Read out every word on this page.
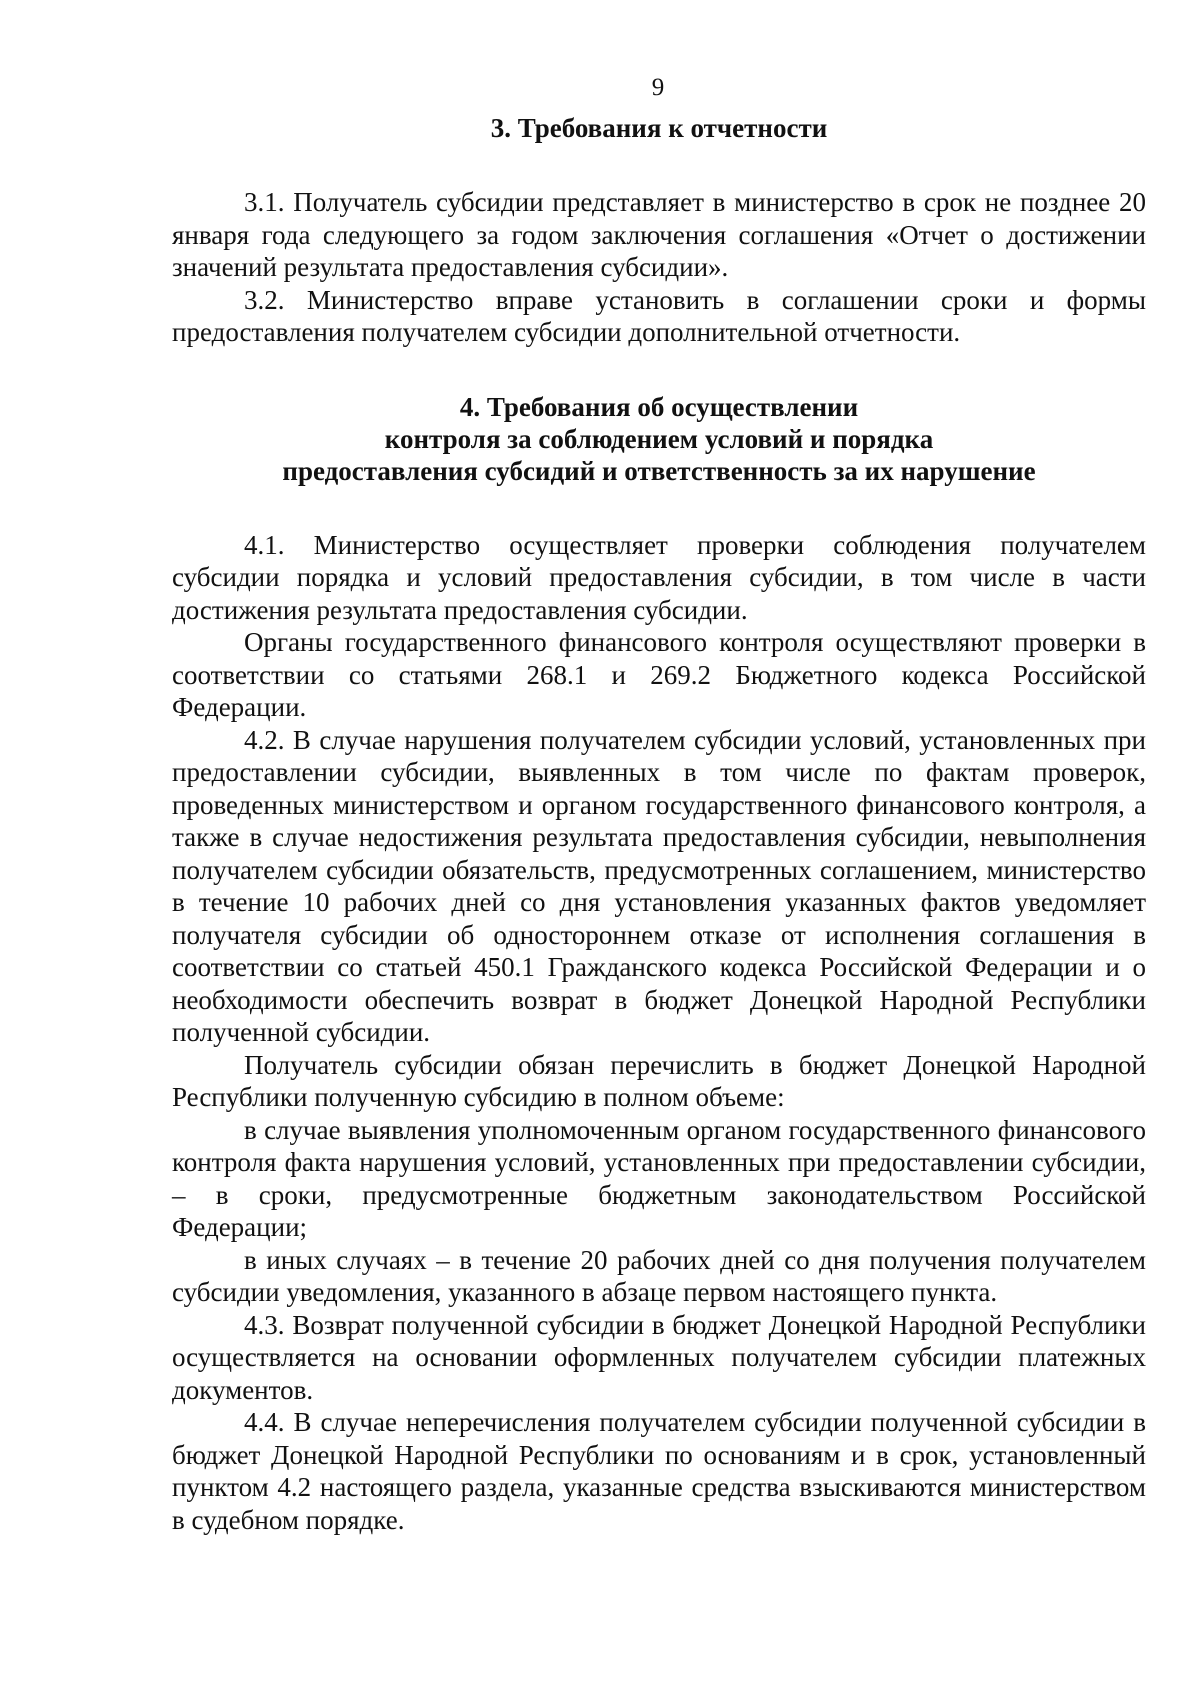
9
3. Требования к отчетности

3.1. Получатель субсидии представляет в министерство в срок не позднее 20 января года следующего за годом заключения соглашения «Отчет о достижении значений результата предоставления субсидии».

3.2. Министерство вправе установить в соглашении сроки и формы предоставления получателем субсидии дополнительной отчетности.

4. Требования об осуществлении
контроля за соблюдением условий и порядка
предоставления субсидий и ответственность за их нарушение

4.1. Министерство осуществляет проверки соблюдения получателем субсидии порядка и условий предоставления субсидии, в том числе в части достижения результата предоставления субсидии.

Органы государственного финансового контроля осуществляют проверки в соответствии со статьями 268.1 и 269.2 Бюджетного кодекса Российской Федерации.

4.2. В случае нарушения получателем субсидии условий, установленных при предоставлении субсидии, выявленных в том числе по фактам проверок, проведенных министерством и органом государственного финансового контроля, а также в случае недостижения результата предоставления субсидии, невыполнения получателем субсидии обязательств, предусмотренных соглашением, министерство в течение 10 рабочих дней со дня установления указанных фактов уведомляет получателя субсидии об одностороннем отказе от исполнения соглашения в соответствии со статьей 450.1 Гражданского кодекса Российской Федерации и о необходимости обеспечить возврат в бюджет Донецкой Народной Республики полученной субсидии.

Получатель субсидии обязан перечислить в бюджет Донецкой Народной Республики полученную субсидию в полном объеме:

в случае выявления уполномоченным органом государственного финансового контроля факта нарушения условий, установленных при предоставлении субсидии, – в сроки, предусмотренные бюджетным законодательством Российской Федерации;

в иных случаях – в течение 20 рабочих дней со дня получения получателем субсидии уведомления, указанного в абзаце первом настоящего пункта.

4.3. Возврат полученной субсидии в бюджет Донецкой Народной Республики осуществляется на основании оформленных получателем субсидии платежных документов.

4.4. В случае неперечисления получателем субсидии полученной субсидии в бюджет Донецкой Народной Республики по основаниям и в срок, установленный пунктом 4.2 настоящего раздела, указанные средства взыскиваются министерством в судебном порядке.
